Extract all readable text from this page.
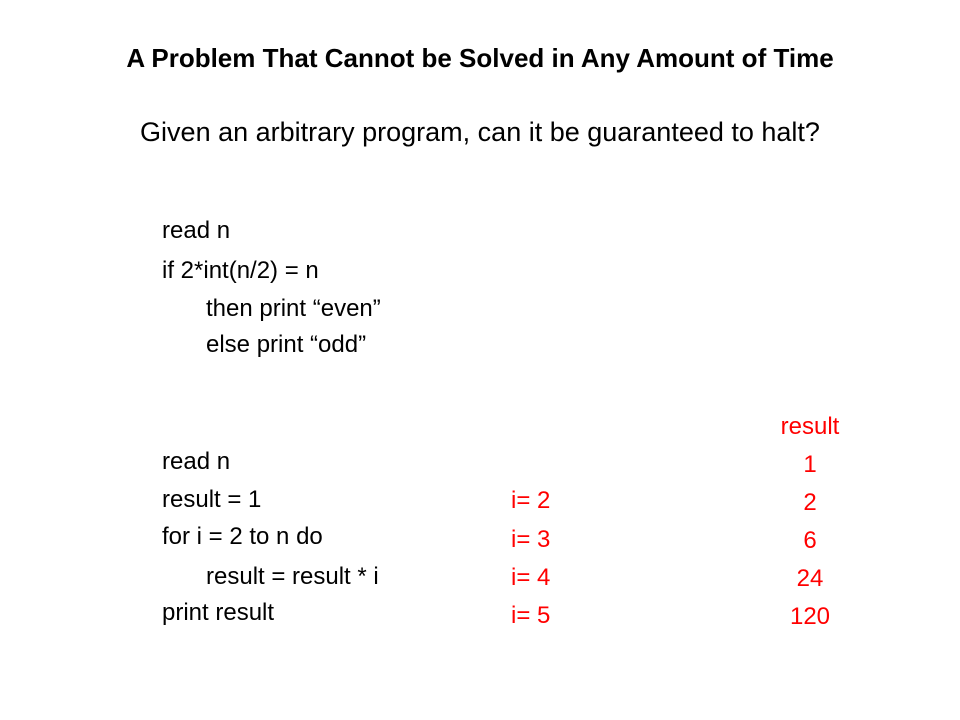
A Problem That Cannot be Solved in Any Amount of Time
Given an arbitrary program, can it be guaranteed to halt?
read n
if 2*int(n/2) = n
then print “even”
else print “odd”
read n
result = 1
for i = 2 to n do
result = result * i
print result
i= 2
i= 3
i= 4
i= 5
result
1
2
6
24
120
